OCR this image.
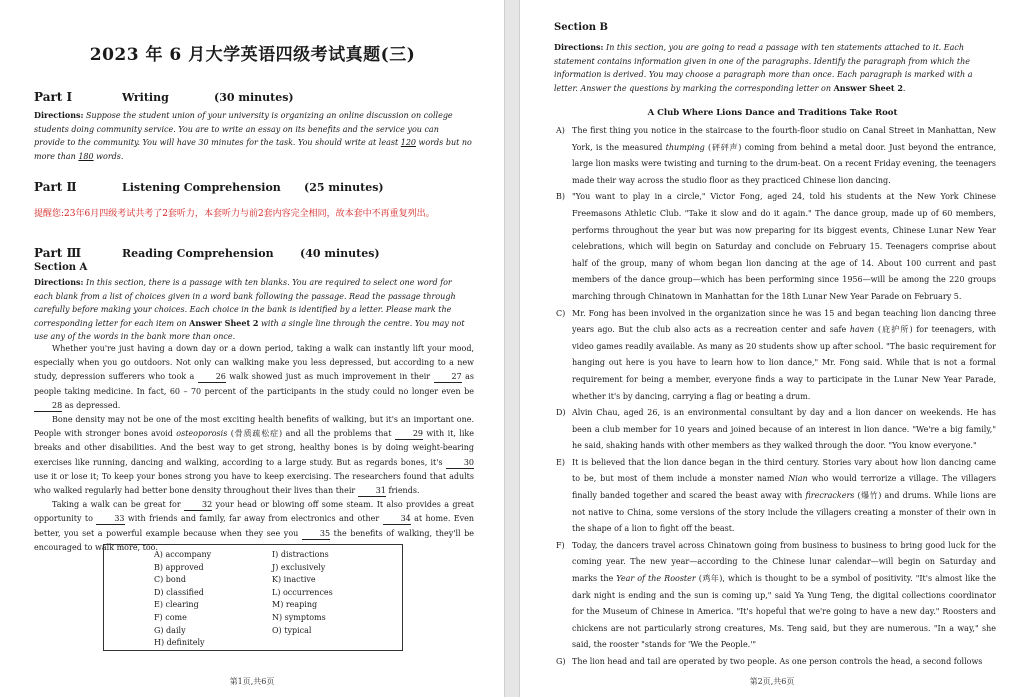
2023 年 6 月大学英语四级考试真题(三)
Part Ⅰ	Writing	(30 minutes)

Directions: Suppose the student union of your university is organizing an online discussion on college students doing community service. You are to write an essay on its benefits and the service you can provide to the community. You will have 30 minutes for the task. You should write at least 120 words but no more than 180 words.

Part Ⅱ	Listening Comprehension (25 minutes)

提醒您:23年6月四级考试共考了2套听力，本套听力与前2套内容完全相同，故本套中不再重复列出。

Part Ⅲ	Reading Comprehension (40 minutes)

Section A

Directions: In this section, there is a passage with ten blanks. You are required to select one word for each blank from a list of choices given in a word bank following the passage. Read the passage through carefully before making your choices. Each choice in the bank is identified by a letter. Please mark the corresponding letter for each item on Answer Sheet 2 with a single line through the centre. You may not use any of the words in the bank more than once.

Whether you're just having a down day or a down period, taking a walk can instantly lift your mood, especially when you go outdoors. Not only can walking make you less depressed, but according to a new study, depression sufferers who took a 26 walk showed just as much improvement in their 27 as people taking medicine. In fact, 60 – 70 percent of the participants in the study could no longer even be 28 as depressed.

Bone density may not be one of the most exciting health benefits of walking, but it's an important one. People with stronger bones avoid osteoporosis (骨质疏松症) and all the problems that 29 with it, like breaks and other disabilities. And the best way to get strong, healthy bones is by doing weight-bearing exercises like running, dancing and walking, according to a large study. But as regards bones, it's 30 use it or lose it; To keep your bones strong you have to keep exercising. The researchers found that adults who walked regularly had better bone density throughout their lives than their 31 friends.

Taking a walk can be great for 32 your head or blowing off some steam. It also provides a great opportunity to 33 with friends and family, far away from electronics and other 34 at home. Even better, you set a powerful example because when they see you 35 the benefits of walking, they'll be encouraged to walk more, too.

A) accompany
B) approved
C) bond
D) classified
E) clearing
F) come
G) daily
H) definitely
I) distractions
J) exclusively
K) inactive
L) occurrences
M) reaping
N) symptoms
O) typical
第1页,共6页

Section B

Directions: In this section, you are going to read a passage with ten statements attached to it. Each statement contains information given in one of the paragraphs. Identify the paragraph from which the information is derived. You may choose a paragraph more than once. Each paragraph is marked with a letter. Answer the questions by marking the corresponding letter on Answer Sheet 2.

A Club Where Lions Dance and Traditions Take Root

A) The first thing you notice in the staircase to the fourth-floor studio on Canal Street in Manhattan, New York, is the measured thumping (砰砰声) coming from behind a metal door. Just beyond the entrance, large lion masks were twisting and turning to the drum-beat. On a recent Friday evening, the teenagers made their way across the studio floor as they practiced Chinese lion dancing.

B) "You want to play in a circle," Victor Fong, aged 24, told his students at the New York Chinese Freemasons Athletic Club. "Take it slow and do it again." The dance group, made up of 60 members, performs throughout the year but was now preparing for its biggest events, Chinese Lunar New Year celebrations, which will begin on Saturday and conclude on February 15. Teenagers comprise about half of the group, many of whom began lion dancing at the age of 14. About 100 current and past members of the dance group—which has been performing since 1956—will be among the 220 groups marching through Chinatown in Manhattan for the 18th Lunar New Year Parade on February 5.

C) Mr. Fong has been involved in the organization since he was 15 and began teaching lion dancing three years ago. But the club also acts as a recreation center and safe haven (庇护所) for teenagers, with video games readily available. As many as 20 students show up after school. "The basic requirement for hanging out here is you have to learn how to lion dance," Mr. Fong said. While that is not a formal requirement for being a member, everyone finds a way to participate in the Lunar New Year Parade, whether it's by dancing, carrying a flag or beating a drum.

D) Alvin Chau, aged 26, is an environmental consultant by day and a lion dancer on weekends. He has been a club member for 10 years and joined because of an interest in lion dance. "We're a big family," he said, shaking hands with other members as they walked through the door. "You know everyone."

E) It is believed that the lion dance began in the third century. Stories vary about how lion dancing came to be, but most of them include a monster named Nian who would terrorize a village. The villagers finally banded together and scared the beast away with firecrackers (爆竹) and drums. While lions are not native to China, some versions of the story include the villagers creating a monster of their own in the shape of a lion to fight off the beast.

F) Today, the dancers travel across Chinatown going from business to business to bring good luck for the coming year. The new year—according to the Chinese lunar calendar—will begin on Saturday and marks the Year of the Rooster (鸡年), which is thought to be a symbol of positivity. "It's almost like the dark night is ending and the sun is coming up," said Ya Yung Teng, the digital collections coordinator for the Museum of Chinese in America. "It's hopeful that we're going to have a new day." Roosters and chickens are not particularly strong creatures, Ms. Teng said, but they are numerous. "In a way," she said, the rooster "stands for 'We the People.'"

G) The lion head and tail are operated by two people. As one person controls the head, a second follows

第2页,共6页
